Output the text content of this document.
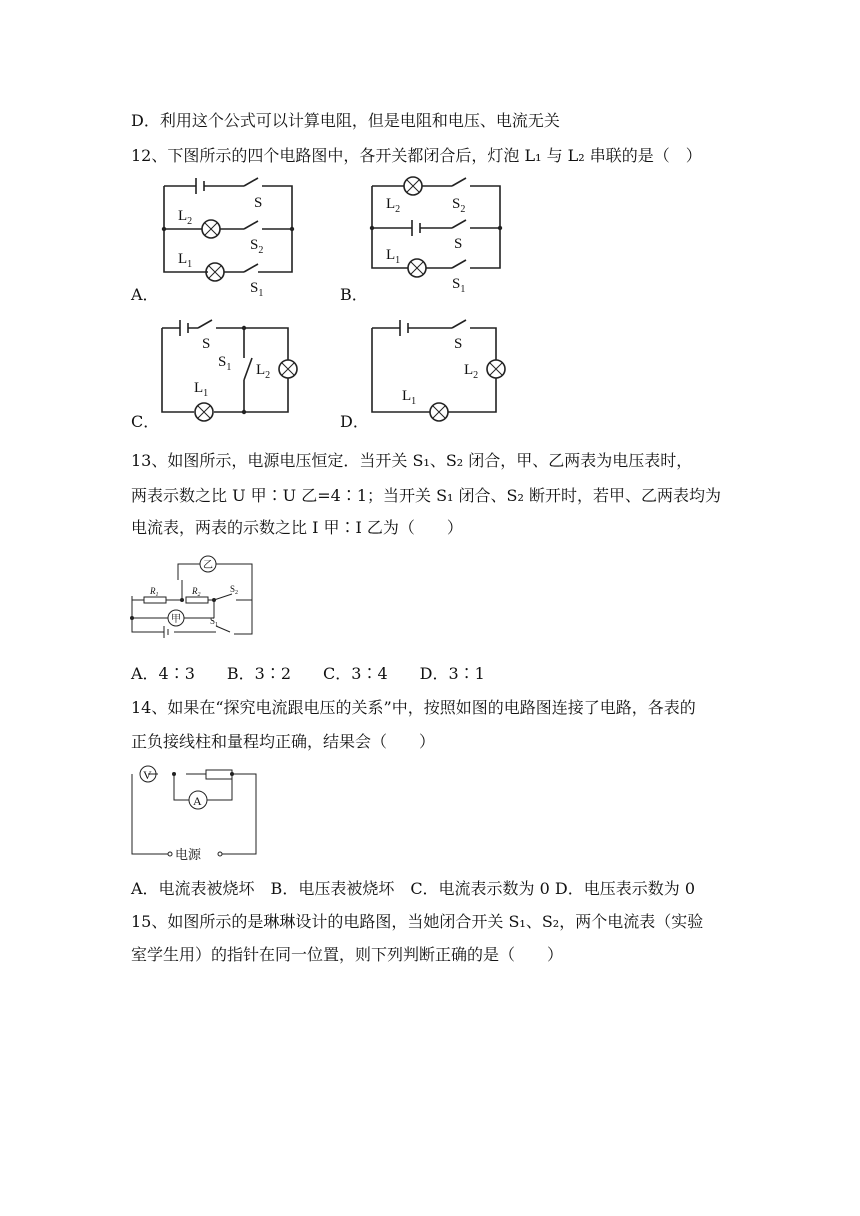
D．利用这个公式可以计算电阻，但是电阻和电压、电流无关
12、下图所示的四个电路图中，各开关都闭合后，灯泡 L₁ 与 L₂ 串联的是（　）
A．	B．
C．	D．
S
$L_2$
$S_2$
$L_1$
$S_1$
$L_2$	$S_2$
S
$L_1$
$S_1$
S
$S_1$ $L_2$
$L_1$
S
$L_2$
$L_1$
13、如图所示，电源电压恒定．当开关 S₁、S₂ 闭合，甲、乙两表为电压表时，
两表示数之比 U 甲∶U 乙=4∶1；当开关 S₁ 闭合、S₂ 断开时，若甲、乙两表均为
电流表，两表的示数之比 I 甲∶I 乙为（　　）
乙
$R_1$	$R_2$
$S_2$
甲	$S_1$
A．4∶3　　B．3∶2　　C．3∶4　　D．3∶1
14、如果在“探究电流跟电压的关系”中，按照如图的电路图连接了电路，各表的
正负接线柱和量程均正确，结果会（　　）
V
A
电源
A．电流表被烧坏　B．电压表被烧坏　C．电流表示数为 0 D．电压表示数为 0
15、如图所示的是琳琳设计的电路图，当她闭合开关 S₁、S₂，两个电流表（实验
室学生用）的指针在同一位置，则下列判断正确的是（　　）
